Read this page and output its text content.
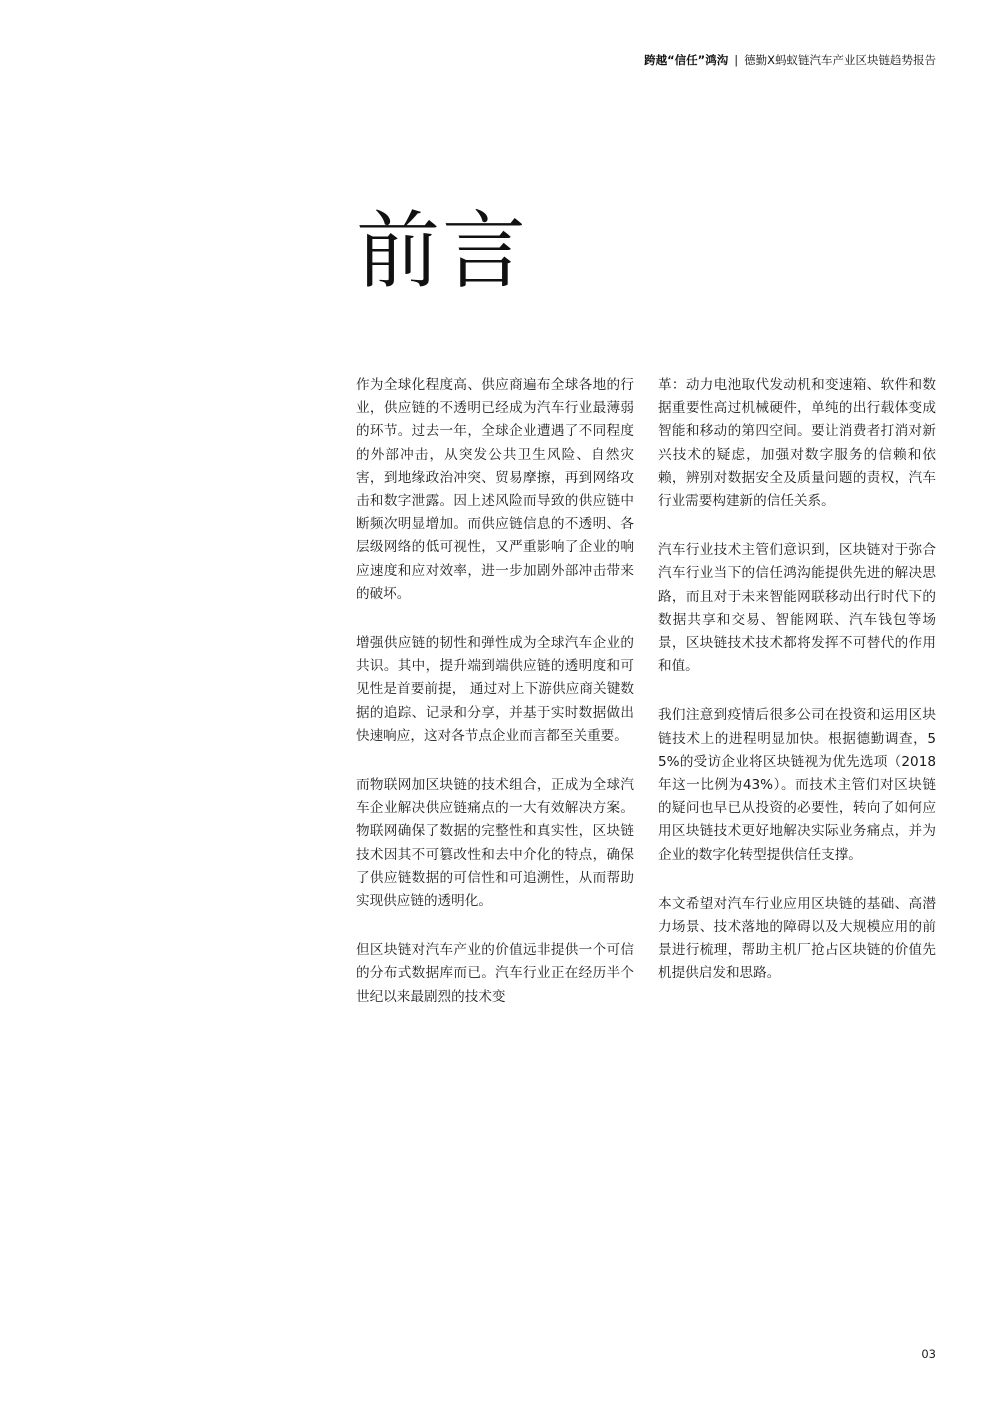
跨越“信任”鸿沟 | 德勤X蚂蚁链汽车产业区块链趋势报告
前言

作为全球化程度高、供应商遍布全球各地的行业，供应链的不透明已经成为汽车行业最薄弱的环节。过去一年，全球企业遭遇了不同程度的外部冲击，从突发公共卫生风险、自然灾害，到地缘政治冲突、贸易摩擦，再到网络攻击和数字泄露。因上述风险而导致的供应链中断频次明显增加。而供应链信息的不透明、各层级网络的低可视性，又严重影响了企业的响应速度和应对效率，进一步加剧外部冲击带来的破坏。

增强供应链的韧性和弹性成为全球汽车企业的共识。其中，提升端到端供应链的透明度和可见性是首要前提， 通过对上下游供应商关键数据的追踪、记录和分享，并基于实时数据做出快速响应，这对各节点企业而言都至关重要。

而物联网加区块链的技术组合，正成为全球汽车企业解决供应链痛点的一大有效解决方案。物联网确保了数据的完整性和真实性，区块链技术因其不可篡改性和去中介化的特点，确保了供应链数据的可信性和可追溯性，从而帮助实现供应链的透明化。

但区块链对汽车产业的价值远非提供一个可信的分布式数据库而已。汽车行业正在经历半个世纪以来最剧烈的技术变

革：动力电池取代发动机和变速箱、软件和数据重要性高过机械硬件，单纯的出行载体变成智能和移动的第四空间。要让消费者打消对新兴技术的疑虑，加强对数字服务的信赖和依赖，辨别对数据安全及质量问题的责权，汽车行业需要构建新的信任关系。

汽车行业技术主管们意识到，区块链对于弥合汽车行业当下的信任鸿沟能提供先进的解决思路，而且对于未来智能网联移动出行时代下的数据共享和交易、智能网联、汽车钱包等场景，区块链技术技术都将发挥不可替代的作用和值。

我们注意到疫情后很多公司在投资和运用区块链技术上的进程明显加快。根据德勤调查，55%的受访企业将区块链视为优先选项（2018年这一比例为43%）。而技术主管们对区块链的疑问也早已从投资的必要性，转向了如何应用区块链技术更好地解决实际业务痛点，并为企业的数字化转型提供信任支撑。

本文希望对汽车行业应用区块链的基础、高潜力场景、技术落地的障碍以及大规模应用的前景进行梳理，帮助主机厂抢占区块链的价值先机提供启发和思路。

03
